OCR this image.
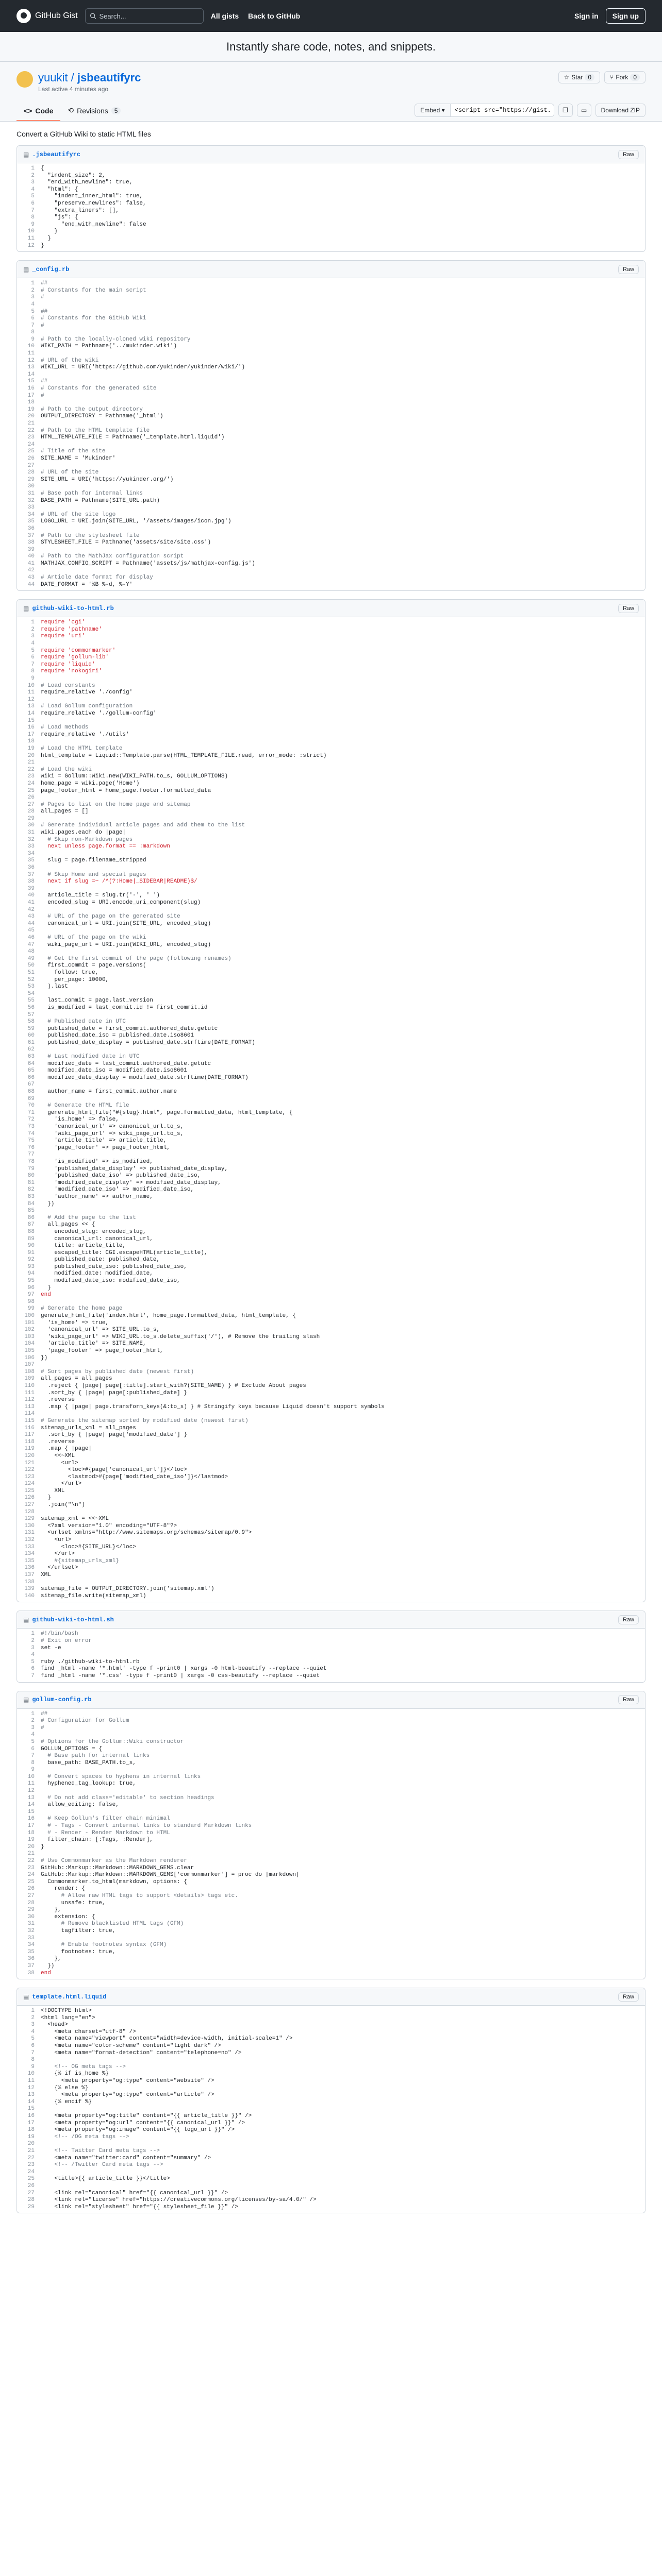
GitHub Gist
Search...	All gists Back to GitHub	Sign in	Sign up
Instantly share code, notes, and snippets.
yuukit / jsbeautifyrc
Last active 4 minutes ago
☆ Star 0	⑂ Fork 0
<> Code ⟲ Revisions	5	Embed ▾
<script src="https://gist.github.com/yuukit/...	❐ ▭	Download ZIP
Convert a GitHub Wiki to static HTML files
▤ .jsbeautifyrc	Raw
1	{
2	"indent_size": 2,
3	"end_with_newline": true,
4	"html": {
5	"indent_inner_html": true,
6	"preserve_newlines": false,
7	"extra_liners": [],
8	"js": {
9	"end_with_newline": false
10	}
11	}
12	}
▤ _config.rb	Raw
1	##
2	# Constants for the main script
3	#
4
5	##
6	# Constants for the GitHub Wiki
7	#
8
9	# Path to the locally-cloned wiki repository
10	WIKI_PATH = Pathname('../mukinder.wiki')
11
12	# URL of the wiki
13	WIKI_URL = URI('https://github.com/yukinder/yukinder/wiki/')
14
15	##
16	# Constants for the generated site
17	#
18
19	# Path to the output directory
20	OUTPUT_DIRECTORY = Pathname('_html')
21
22	# Path to the HTML template file
23	HTML_TEMPLATE_FILE = Pathname('_template.html.liquid')
24
25	# Title of the site
26	SITE_NAME = 'Mukinder'
27
28	# URL of the site
29	SITE_URL = URI('https://yukinder.org/')
30
31	# Base path for internal links
32	BASE_PATH = Pathname(SITE_URL.path)
33
34	# URL of the site logo
35	LOGO_URL = URI.join(SITE_URL, '/assets/images/icon.jpg')
36
37	# Path to the stylesheet file
38	STYLESHEET_FILE = Pathname('assets/site/site.css')
39
40	# Path to the MathJax configuration script
41	MATHJAX_CONFIG_SCRIPT = Pathname('assets/js/mathjax-config.js')
42
43	# Article date format for display
44	DATE_FORMAT = '%B %-d, %-Y'
▤ github-wiki-to-html.rb	Raw
1	require 'cgi'
2	require 'pathname'
3	require 'uri'
4
5	require 'commonmarker'
6	require 'gollum-lib'
7	require 'liquid'
8	require 'nokogiri'
9
10	# Load constants
11	require_relative './config'
12
13	# Load Gollum configuration
14	require_relative './gollum-config'
15
16	# Load methods
17	require_relative './utils'
18
19	# Load the HTML template
20	html_template = Liquid::Template.parse(HTML_TEMPLATE_FILE.read, error_mode: :strict)
21
22	# Load the wiki
23	wiki = Gollum::Wiki.new(WIKI_PATH.to_s, GOLLUM_OPTIONS)
24	home_page = wiki.page('Home')
25	page_footer_html = home_page.footer.formatted_data
26
27	# Pages to list on the home page and sitemap
28	all_pages = []
29
30	# Generate individual article pages and add them to the list
31	wiki.pages.each do |page|
32	# Skip non-Markdown pages
33	next unless page.format == :markdown
34
35	slug = page.filename_stripped
36
37	# Skip Home and special pages
38	next if slug =~ /^(?:Home|_SIDEBAR|README)$/
39
40	article_title = slug.tr('-', ' ')
41	encoded_slug = URI.encode_uri_component(slug)
42
43	# URL of the page on the generated site
44	canonical_url = URI.join(SITE_URL, encoded_slug)
45
46	# URL of the page on the wiki
47	wiki_page_url = URI.join(WIKI_URL, encoded_slug)
48
49	# Get the first commit of the page (following renames)
50	first_commit = page.versions(
51	follow: true,
52	per_page: 10000,
53	).last
54
55	last_commit = page.last_version
56	is_modified = last_commit.id != first_commit.id
57
58	# Published date in UTC
59	published_date = first_commit.authored_date.getutc
60	published_date_iso = published_date.iso8601
61	published_date_display = published_date.strftime(DATE_FORMAT)
62
63	# Last modified date in UTC
64	modified_date = last_commit.authored_date.getutc
65	modified_date_iso = modified_date.iso8601
66	modified_date_display = modified_date.strftime(DATE_FORMAT)
67
68	author_name = first_commit.author.name
69
70	# Generate the HTML file
71	generate_html_file("#{slug}.html", page.formatted_data, html_template, {
72	'is_home' => false,
73	'canonical_url' => canonical_url.to_s,
74	'wiki_page_url' => wiki_page_url.to_s,
75	'article_title' => article_title,
76	'page_footer' => page_footer_html,
77
78	'is_modified' => is_modified,
79	'published_date_display' => published_date_display,
80	'published_date_iso' => published_date_iso,
81	'modified_date_display' => modified_date_display,
82	'modified_date_iso' => modified_date_iso,
83	'author_name' => author_name,
84	})
85
86	# Add the page to the list
87	all_pages << {
88	encoded_slug: encoded_slug,
89	canonical_url: canonical_url,
90	title: article_title,
91	escaped_title: CGI.escapeHTML(article_title),
92	published_date: published_date,
93	published_date_iso: published_date_iso,
94	modified_date: modified_date,
95	modified_date_iso: modified_date_iso,
96	}
97	end
98
99	# Generate the home page
100	generate_html_file('index.html', home_page.formatted_data, html_template, {
101	'is_home' => true,
102	'canonical_url' => SITE_URL.to_s,
103	'wiki_page_url' => WIKI_URL.to_s.delete_suffix('/'), # Remove the trailing slash
104	'article_title' => SITE_NAME,
105	'page_footer' => page_footer_html,
106	})
107
108	# Sort pages by published date (newest first)
109	all_pages = all_pages
110	.reject { |page| page[:title].start_with?(SITE_NAME) } # Exclude About pages
111	.sort_by { |page| page[:published_date] }
112	.reverse
113	.map { |page| page.transform_keys(&:to_s) } # Stringify keys because Liquid doesn't support symbols
114
115	# Generate the sitemap sorted by modified date (newest first)
116	sitemap_urls_xml = all_pages
117	.sort_by { |page| page['modified_date'] }
118	.reverse
119	.map { |page|
120	<<~XML
121	<url>
122	<loc>#{page['canonical_url']}</loc>
123	<lastmod>#{page['modified_date_iso']}</lastmod>
124	</url>
125	XML
126	}
127	.join("\n")
128
129	sitemap_xml = <<~XML
130	<?xml version="1.0" encoding="UTF-8"?>
131	<urlset xmlns="http://www.sitemaps.org/schemas/sitemap/0.9">
132	<url>
133	<loc>#{SITE_URL}</loc>
134	</url>
135	#{sitemap_urls_xml}
136	</urlset>
137	XML
138
139	sitemap_file = OUTPUT_DIRECTORY.join('sitemap.xml')
140	sitemap_file.write(sitemap_xml)
▤ github-wiki-to-html.sh	Raw
1	#!/bin/bash
2	# Exit on error
3	set -e
4
5	ruby ./github-wiki-to-html.rb
6	find _html -name '*.html' -type f -print0 | xargs -0 html-beautify --replace --quiet
7	find _html -name '*.css' -type f -print0 | xargs -0 css-beautify --replace --quiet
▤ gollum-config.rb	Raw
1	##
2	# Configuration for Gollum
3	#
4
5	# Options for the Gollum::Wiki constructor
6	GOLLUM_OPTIONS = {
7	# Base path for internal links
8	base_path: BASE_PATH.to_s,
9
10	# Convert spaces to hyphens in internal links
11	hyphened_tag_lookup: true,
12
13	# Do not add class='editable' to section headings
14	allow_editing: false,
15
16	# Keep Gollum's filter chain minimal
17	# - Tags - Convert internal links to standard Markdown links
18	# - Render - Render Markdown to HTML
19	filter_chain: [:Tags, :Render],
20	}
21
22	# Use Commonmarker as the Markdown renderer
23	GitHub::Markup::Markdown::MARKDOWN_GEMS.clear
24	GitHub::Markup::Markdown::MARKDOWN_GEMS['commonmarker'] = proc do |markdown|
25	Commonmarker.to_html(markdown, options: {
26	render: {
27	# Allow raw HTML tags to support <details> tags etc.
28	unsafe: true,
29	},
30	extension: {
31	# Remove blacklisted HTML tags (GFM)
32	tagfilter: true,
33
34	# Enable footnotes syntax (GFM)
35	footnotes: true,
36	},
37	})
38	end
▤ template.html.liquid	Raw
1	<!DOCTYPE html>
2	<html lang="en">
3	<head>
4	<meta charset="utf-8" />
5	<meta name="viewport" content="width=device-width, initial-scale=1" />
6	<meta name="color-scheme" content="light dark" />
7	<meta name="format-detection" content="telephone=no" />
8
9	<!-- OG meta tags -->
10	{% if is_home %}
11	<meta property="og:type" content="website" />
12	{% else %}
13	<meta property="og:type" content="article" />
14	{% endif %}
15
16	<meta property="og:title" content="{{ article_title }}" />
17	<meta property="og:url" content="{{ canonical_url }}" />
18	<meta property="og:image" content="{{ logo_url }}" />
19	<!-- /OG meta tags -->
20
21	<!-- Twitter Card meta tags -->
22	<meta name="twitter:card" content="summary" />
23	<!-- /Twitter Card meta tags -->
24
25	<title>{{ article_title }}</title>
26
27	<link rel="canonical" href="{{ canonical_url }}" />
28	<link rel="license" href="https://creativecommons.org/licenses/by-sa/4.0/" />
29	<link rel="stylesheet" href="{{ stylesheet_file }}" />
